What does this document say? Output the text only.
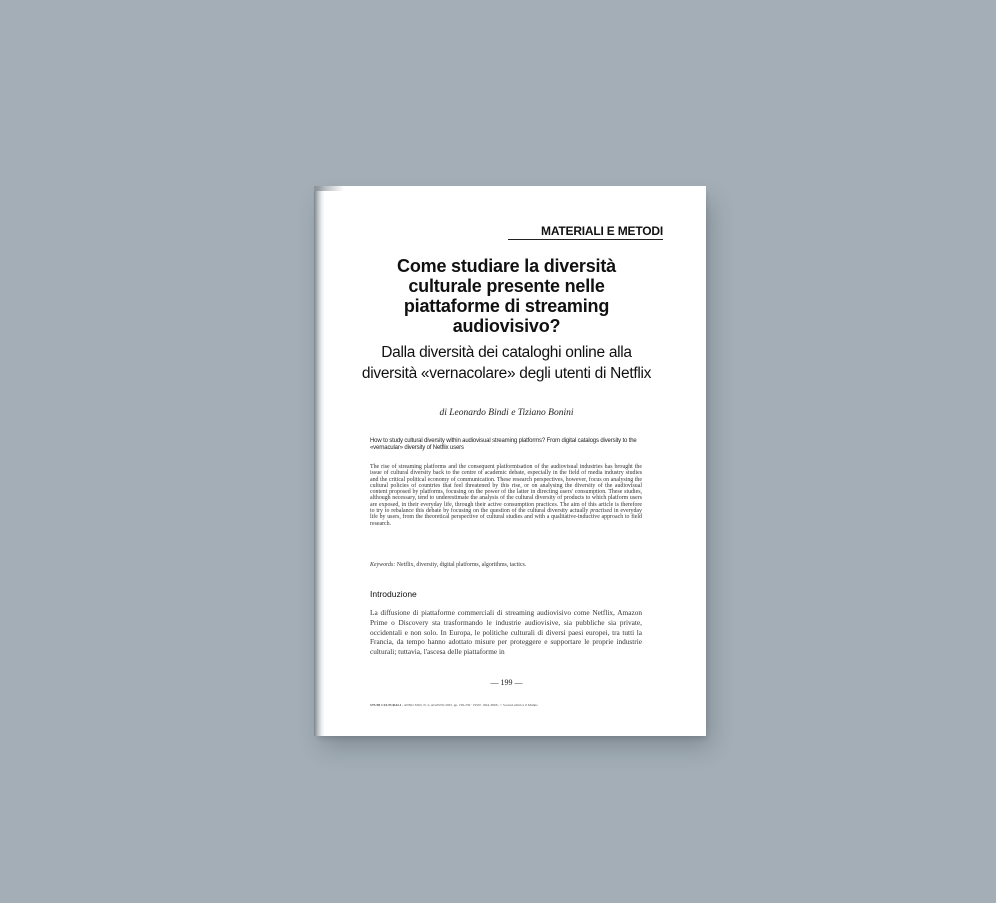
MATERIALI E METODI
Come studiare la diversità culturale presente nelle piattaforme di streaming audiovisivo?
Dalla diversità dei cataloghi online alla diversità «vernacolare» degli utenti di Netflix
di Leonardo Bindi e Tiziano Bonini
How to study cultural diversity within audiovisual streaming platforms? From digital catalogs diversity to the «vernacular» diversity of Netflix users
The rise of streaming platforms and the consequent platformisation of the audiovisual industries has brought the issue of cultural diversity back to the centre of academic debate, especially in the field of media industry studies and the critical political economy of communication. These research perspectives, however, focus on analysing the cultural policies of countries that feel threatened by this rise, or on analysing the diversity of the audiovisual content proposed by platforms, focusing on the power of the latter in directing users' consumption. These studies, although necessary, tend to underestimate the analysis of the cultural diversity of products to which platform users are exposed, in their everyday life, through their active consumption practices. The aim of this article is therefore to try to rebalance this debate by focusing on the question of the cultural diversity actually practised in everyday life by users, from the theoretical perspective of cultural studies and with a qualitative-inductive approach to field research.
Keywords: Netflix, diversity, digital platforms, algorithms, tactics.
Introduzione
La diffusione di piattaforme commerciali di streaming audiovisivo come Netflix, Amazon Prime o Discovery sta trasformando le industrie audiovisive, sia pubbliche sia private, occidentali e non solo. In Europa, le politiche culturali di diversi paesi europei, tra tutti la Francia, da tempo hanno adottato misure per proteggere e supportare le proprie industrie culturali; tuttavia, l'ascesa delle piattaforme in
— 199 —
STUDI CULTURALI - ANNO XXII, N. 2, AGOSTO 2025, pp. 199-230 · ISSN: 1824-369X, © Società editrice il Mulino
